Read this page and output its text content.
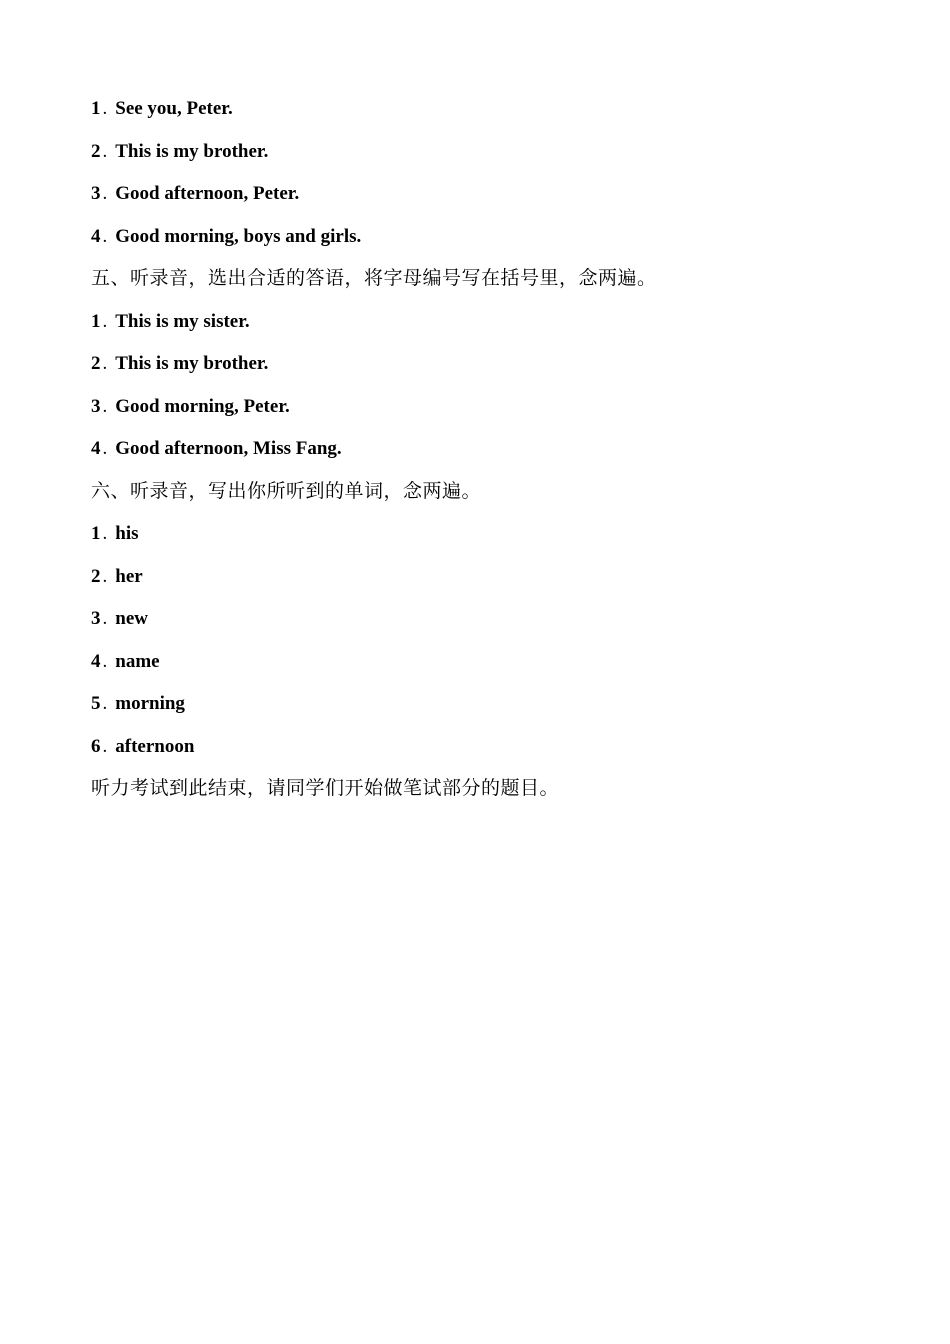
1 . See you, Peter.
2 . This is my brother.
3 . Good afternoon, Peter.
4 . Good morning, boys and girls.
五、听录音，选出合适的答语，将字母编号写在括号里，念两遍。
1 . This is my sister.
2 . This is my brother.
3 . Good morning, Peter.
4 . Good afternoon, Miss Fang.
六、听录音，写出你所听到的单词，念两遍。
1 . his
2 . her
3 . new
4 . name
5 . morning
6 . afternoon
听力考试到此结束，请同学们开始做笔试部分的题目。
